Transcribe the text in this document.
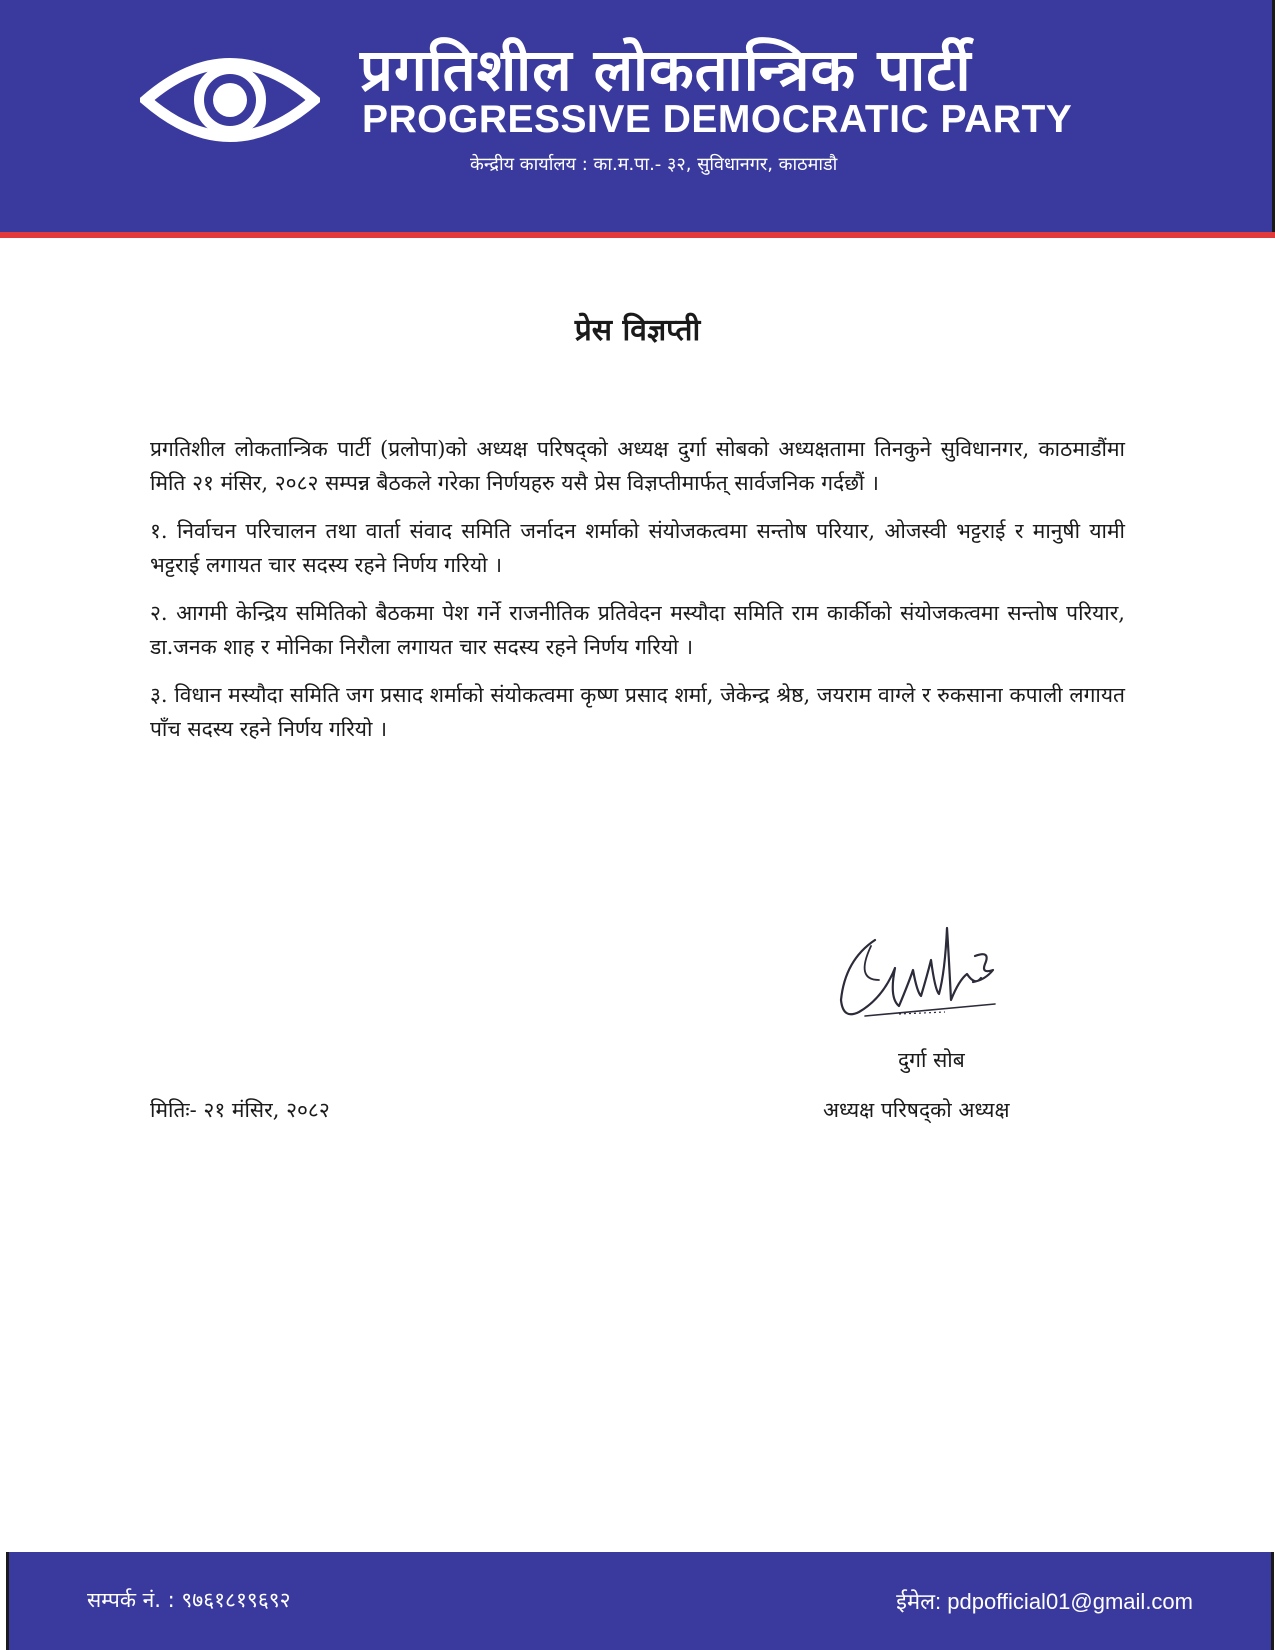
प्रगतिशील लोकतान्त्रिक पार्टी
PROGRESSIVE DEMOCRATIC PARTY
केन्द्रीय कार्यालय : का.म.पा.- ३२, सुविधानगर, काठमाडौ
प्रेस विज्ञप्ती

प्रगतिशील लोकतान्त्रिक पार्टी (प्रलोपा)को अध्यक्ष परिषद्को अध्यक्ष दुर्गा सोबको अध्यक्षतामा तिनकुने सुविधानगर, काठमाडौंमा मिति २१ मंसिर, २०८२ सम्पन्न बैठकले गरेका निर्णयहरु यसै प्रेस विज्ञप्तीमार्फत् सार्वजनिक गर्दछौं ।

१. निर्वाचन परिचालन तथा वार्ता संवाद समिति जर्नादन शर्माको संयोजकत्वमा सन्तोष परियार, ओजस्वी भट्टराई र मानुषी यामी भट्टराई लगायत चार सदस्य रहने निर्णय गरियो ।

२. आगमी केन्द्रिय समितिको बैठकमा पेश गर्ने राजनीतिक प्रतिवेदन मस्यौदा समिति राम कार्कीको संयोजकत्वमा सन्तोष परियार, डा.जनक शाह र मोनिका निरौला लगायत चार सदस्य रहने निर्णय गरियो ।

३. विधान मस्यौदा समिति जग प्रसाद शर्माको संयोकत्वमा कृष्ण प्रसाद शर्मा, जेकेन्द्र श्रेष्ठ, जयराम वाग्ले र रुकसाना कपाली लगायत पाँच सदस्य रहने निर्णय गरियो ।

दुर्गा सोब
अध्यक्ष परिषद्को अध्यक्ष
मितिः- २१ मंसिर, २०८२
सम्पर्क नं. : ९७६१८१९६९२	ईमेल: pdpofficial01@gmail.com
